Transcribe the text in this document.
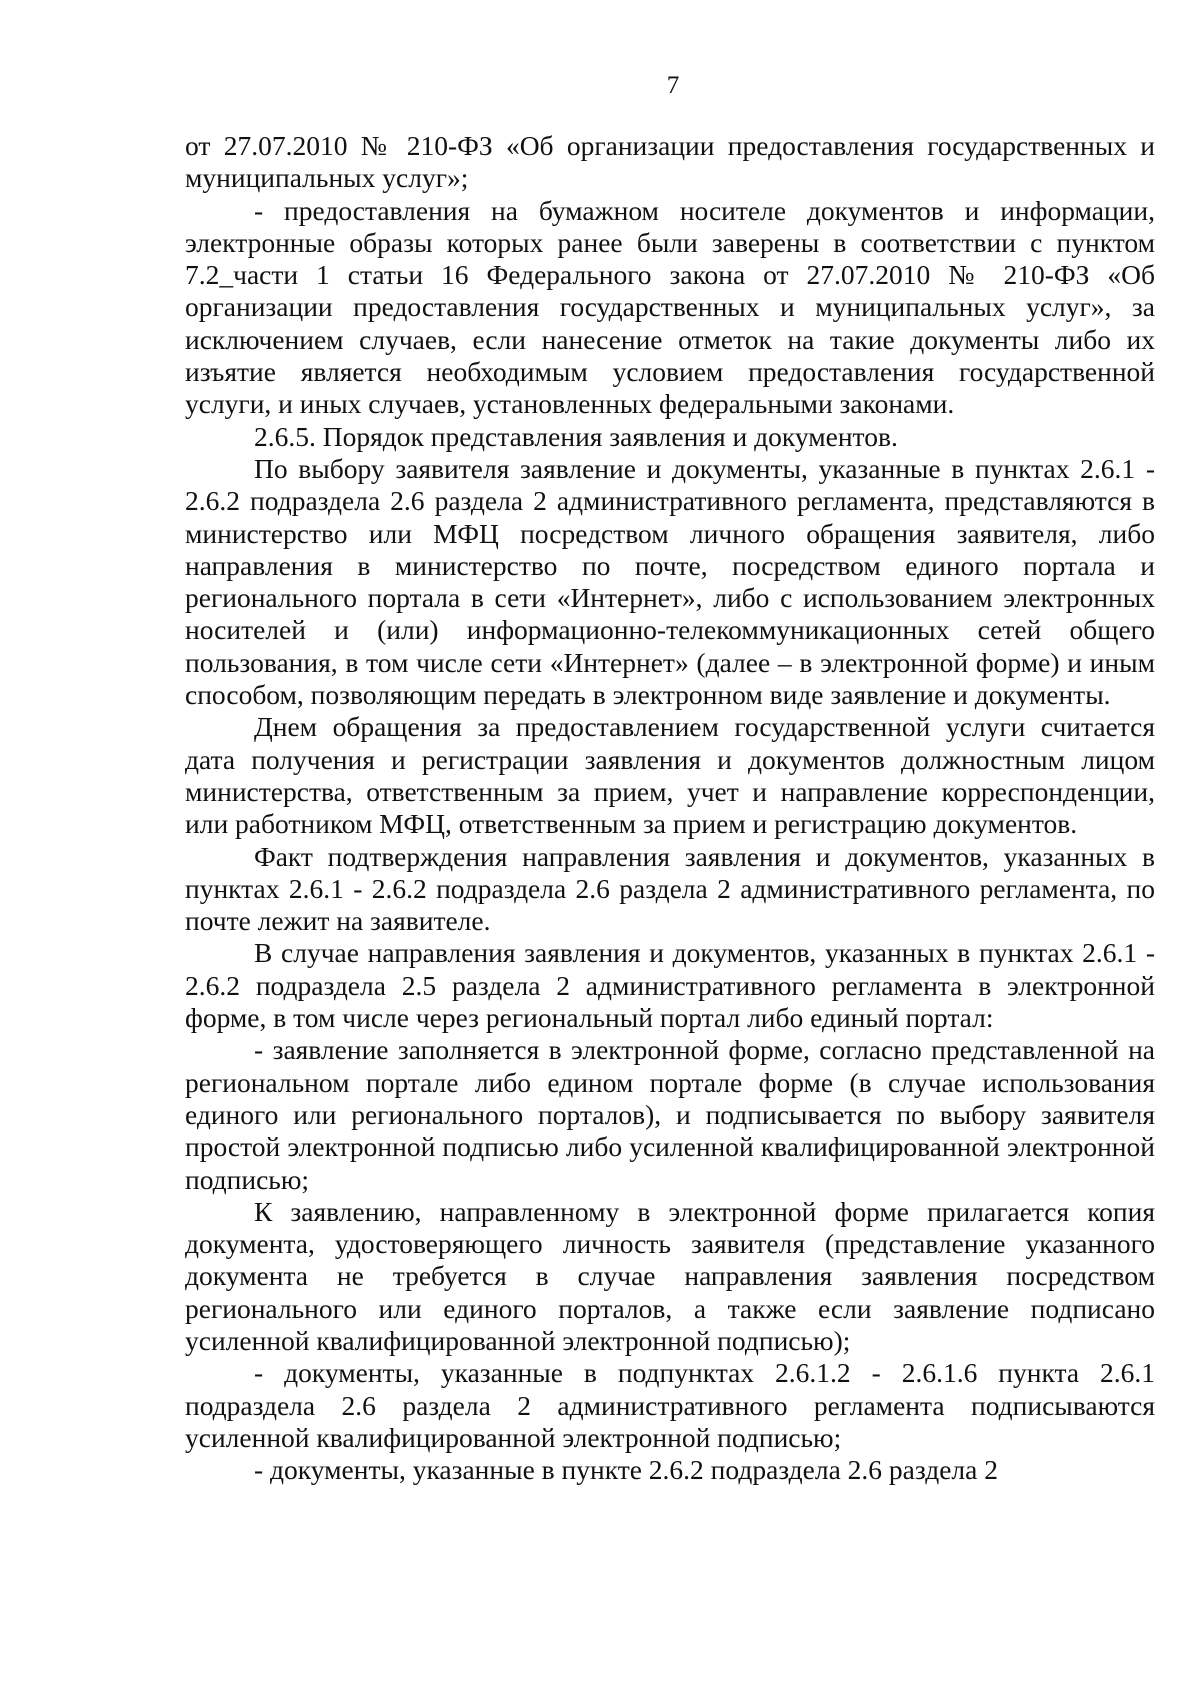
7

от 27.07.2010 № 210-ФЗ «Об организации предоставления государственных и муниципальных услуг»;

- предоставления на бумажном носителе документов и информации, электронные образы которых ранее были заверены в соответствии с пунктом 7.2_части 1 статьи 16 Федерального закона от 27.07.2010 № 210-ФЗ «Об организации предоставления государственных и муниципальных услуг», за исключением случаев, если нанесение отметок на такие документы либо их изъятие является необходимым условием предоставления государственной услуги, и иных случаев, установленных федеральными законами.

2.6.5. Порядок представления заявления и документов.

По выбору заявителя заявление и документы, указанные в пунктах 2.6.1 - 2.6.2 подраздела 2.6 раздела 2 административного регламента, представляются в министерство или МФЦ посредством личного обращения заявителя, либо направления в министерство по почте, посредством единого портала и регионального портала в сети «Интернет», либо с использованием электронных носителей и (или) информационно-телекоммуникационных сетей общего пользования, в том числе сети «Интернет» (далее – в электронной форме) и иным способом, позволяющим передать в электронном виде заявление и документы.

Днем обращения за предоставлением государственной услуги считается дата получения и регистрации заявления и документов должностным лицом министерства, ответственным за прием, учет и направление корреспонденции, или работником МФЦ, ответственным за прием и регистрацию документов.

Факт подтверждения направления заявления и документов, указанных в пунктах 2.6.1 - 2.6.2 подраздела 2.6 раздела 2 административного регламента, по почте лежит на заявителе.

В случае направления заявления и документов, указанных в пунктах 2.6.1 - 2.6.2 подраздела 2.5 раздела 2 административного регламента в электронной форме, в том числе через региональный портал либо единый портал:

- заявление заполняется в электронной форме, согласно представленной на региональном портале либо едином портале форме (в случае использования единого или регионального порталов), и подписывается по выбору заявителя простой электронной подписью либо усиленной квалифицированной электронной подписью;

К заявлению, направленному в электронной форме прилагается копия документа, удостоверяющего личность заявителя (представление указанного документа не требуется в случае направления заявления посредством регионального или единого порталов, а также если заявление подписано усиленной квалифицированной электронной подписью);

- документы, указанные в подпунктах 2.6.1.2 - 2.6.1.6 пункта 2.6.1 подраздела 2.6 раздела 2 административного регламента подписываются усиленной квалифицированной электронной подписью;

- документы, указанные в пункте 2.6.2 подраздела 2.6 раздела 2
